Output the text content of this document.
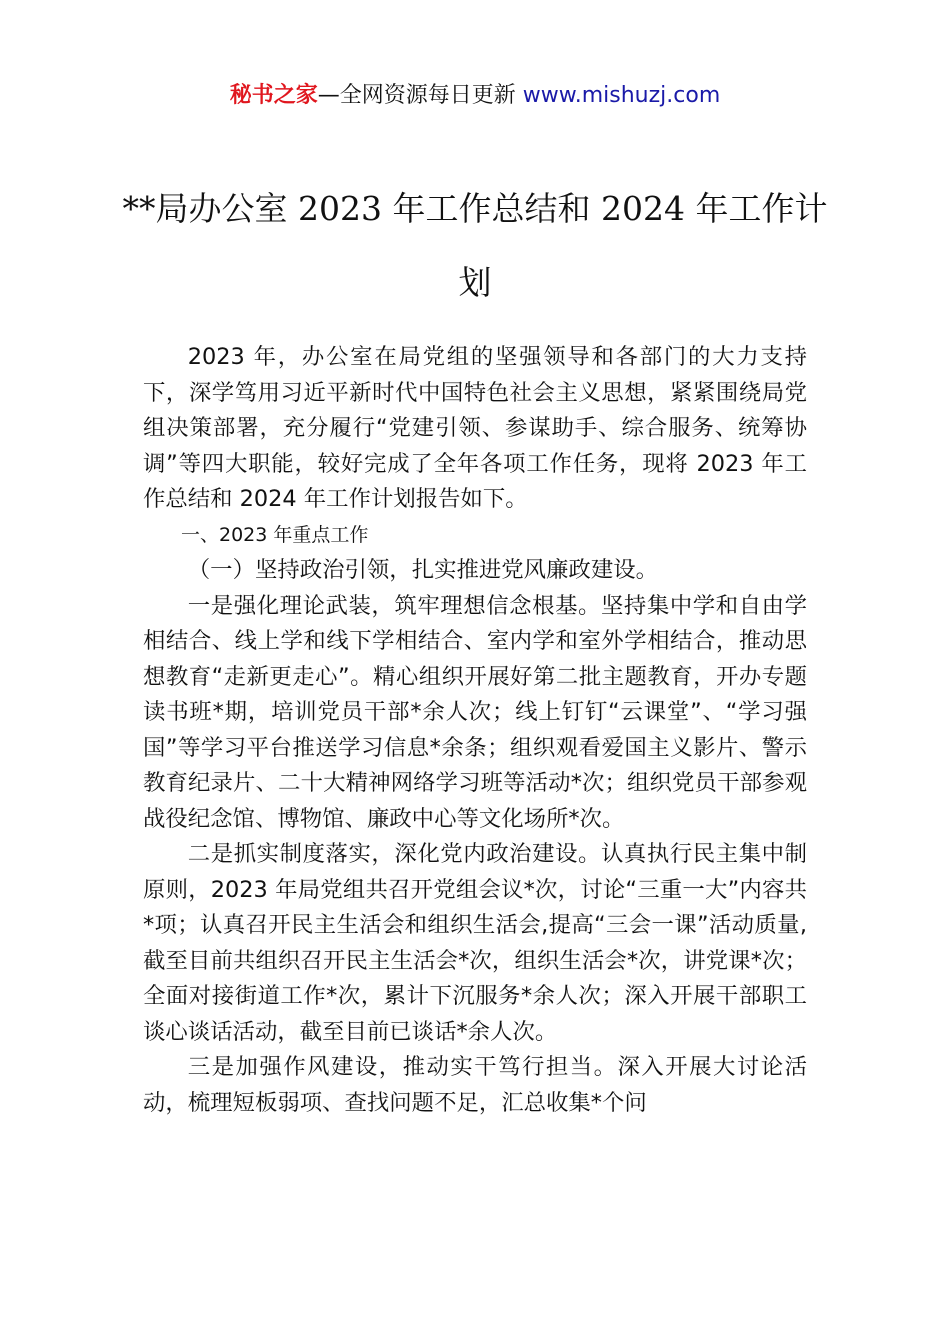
秘书之家—全网资源每日更新 www.mishuzj.com
**局办公室 2023 年工作总结和 2024 年工作计划

2023 年，办公室在局党组的坚强领导和各部门的大力支持下，深学笃用习近平新时代中国特色社会主义思想，紧紧围绕局党组决策部署，充分履行“党建引领、参谋助手、综合服务、统筹协调”等四大职能，较好完成了全年各项工作任务，现将 2023 年工作总结和 2024 年工作计划报告如下。

一、2023 年重点工作

（一）坚持政治引领，扎实推进党风廉政建设。

一是强化理论武装，筑牢理想信念根基。坚持集中学和自由学相结合、线上学和线下学相结合、室内学和室外学相结合，推动思想教育“走新更走心”。精心组织开展好第二批主题教育，开办专题读书班*期，培训党员干部*余人次；线上钉钉“云课堂”、“学习强国”等学习平台推送学习信息*余条；组织观看爱国主义影片、警示教育纪录片、二十大精神网络学习班等活动*次；组织党员干部参观战役纪念馆、博物馆、廉政中心等文化场所*次。

二是抓实制度落实，深化党内政治建设。认真执行民主集中制原则，2023 年局党组共召开党组会议*次，讨论“三重一大”内容共*项；认真召开民主生活会和组织生活会,提高“三会一课”活动质量,截至目前共组织召开民主生活会*次，组织生活会*次，讲党课*次；全面对接街道工作*次，累计下沉服务*余人次；深入开展干部职工谈心谈话活动，截至目前已谈话*余人次。

三是加强作风建设，推动实干笃行担当。深入开展大讨论活动，梳理短板弱项、查找问题不足，汇总收集*个问
